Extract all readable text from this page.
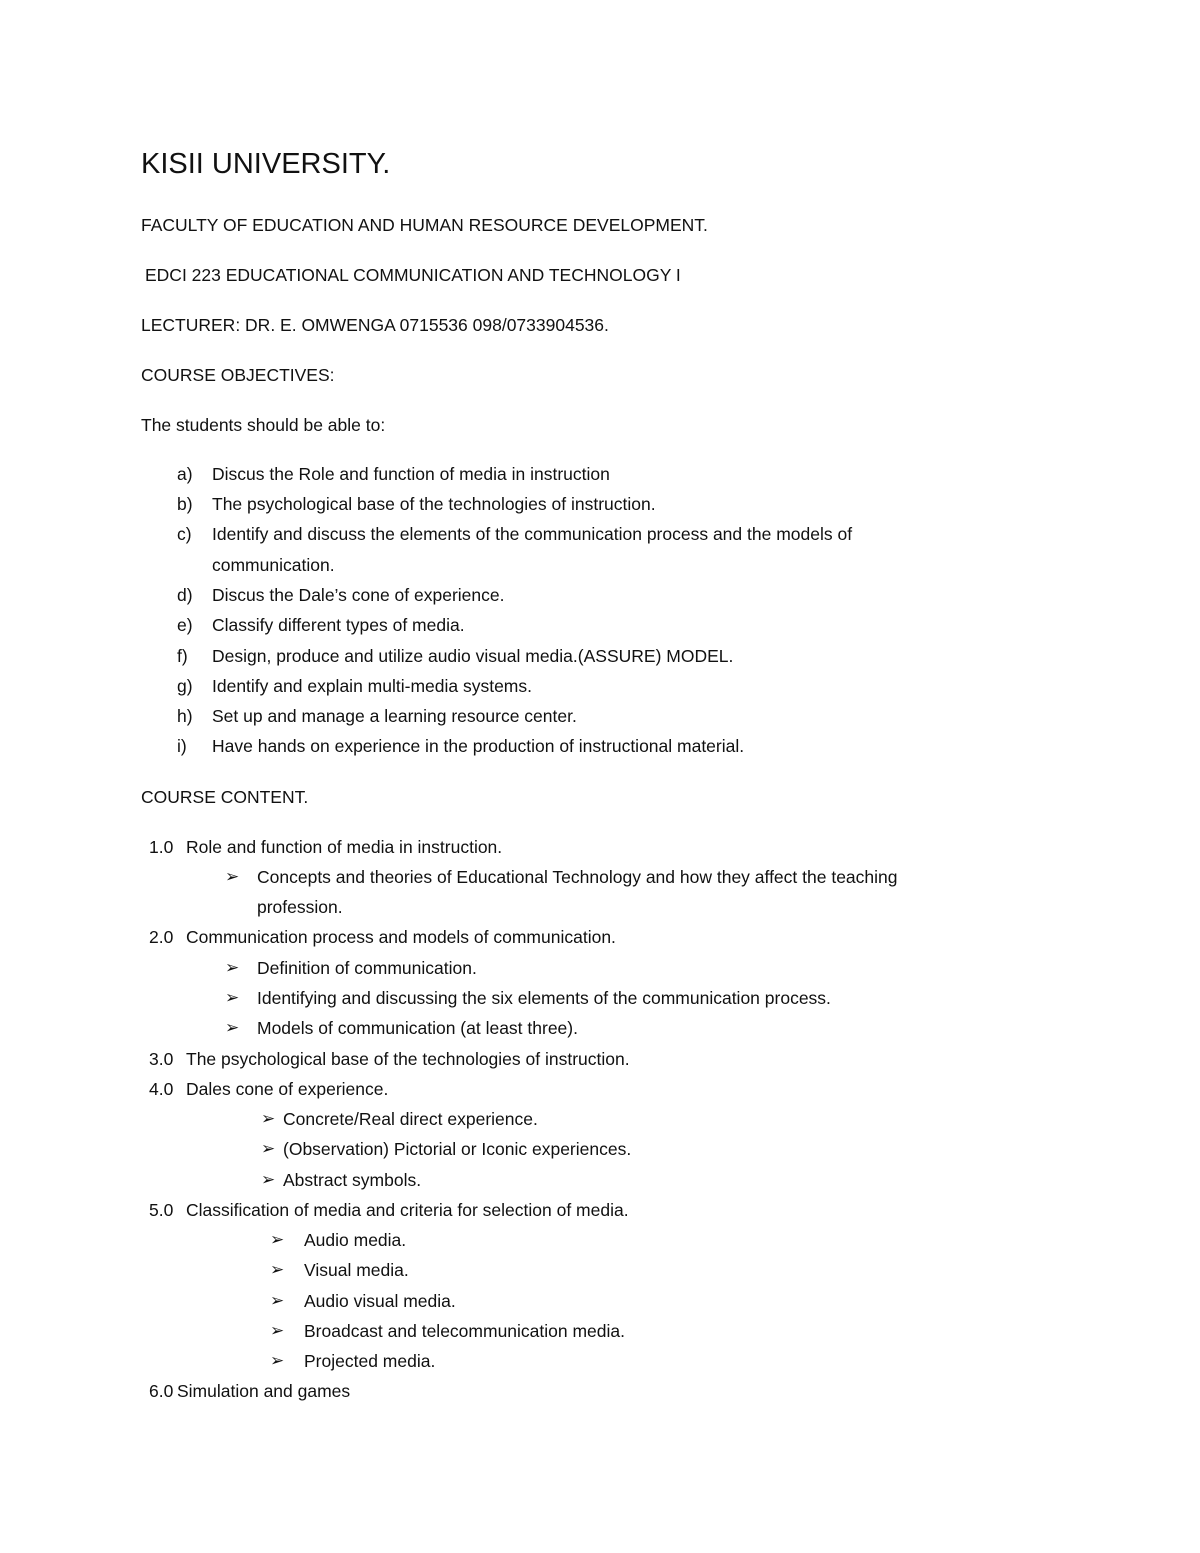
KISII UNIVERSITY.
FACULTY OF EDUCATION AND HUMAN RESOURCE DEVELOPMENT.
EDCI 223 EDUCATIONAL COMMUNICATION AND TECHNOLOGY I
LECTURER: DR. E. OMWENGA 0715536 098/0733904536.
COURSE OBJECTIVES:
The students should be able to:
a) Discus the Role and function of media in instruction
b) The psychological base of the technologies of instruction.
c) Identify and discuss the elements of the communication process and the models of
communication.
d) Discus the Dale’s cone of experience.
e) Classify different types of media.
f) Design, produce and utilize audio visual media.(ASSURE) MODEL.
g) Identify and explain multi-media systems.
h) Set up and manage a learning resource center.
i) Have hands on experience in the production of instructional material.
COURSE CONTENT.
1.0 Role and function of media in instruction.
➢ Concepts and theories of Educational Technology and how they affect the teaching
profession.
2.0 Communication process and models of communication.
➢ Definition of communication.
➢ Identifying and discussing the six elements of the communication process.
➢ Models of communication (at least three).
3.0 The psychological base of the technologies of instruction.
4.0 Dales cone of experience.
➢ Concrete/Real direct experience.
➢ (Observation) Pictorial or Iconic experiences.
➢ Abstract symbols.
5.0 Classification of media and criteria for selection of media.
➢ Audio media.
➢ Visual media.
➢ Audio visual media.
➢ Broadcast and telecommunication media.
➢ Projected media.
6.0 Simulation and games
